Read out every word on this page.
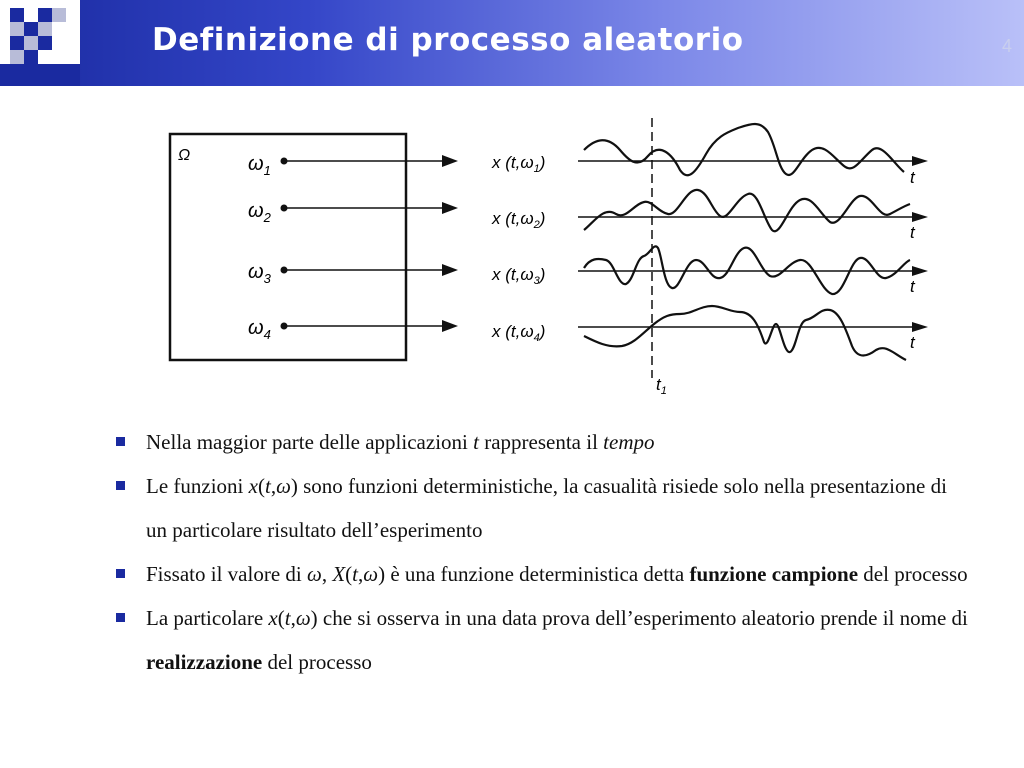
Definizione di processo aleatorio	4
Ω	$\omega_1$
$\omega_2$
$\omega_3$
$\omega_4$
x $(t,\omega_1)$
x $(t,\omega_2)$
x $(t,\omega_3)$
x $(t,\omega_4)$
t
t
t
t
$t_1$
Nella maggior parte delle applicazioni t rappresenta il tempo
Le funzioni x(t,ω) sono funzioni deterministiche, la casualità risiede solo nella presentazione di un particolare risultato dell’esperimento
Fissato il valore di ω, X(t,ω) è una funzione deterministica detta funzione campione del processo
La particolare x(t,ω) che si osserva in una data prova dell’esperimento aleatorio prende il nome di realizzazione del processo
